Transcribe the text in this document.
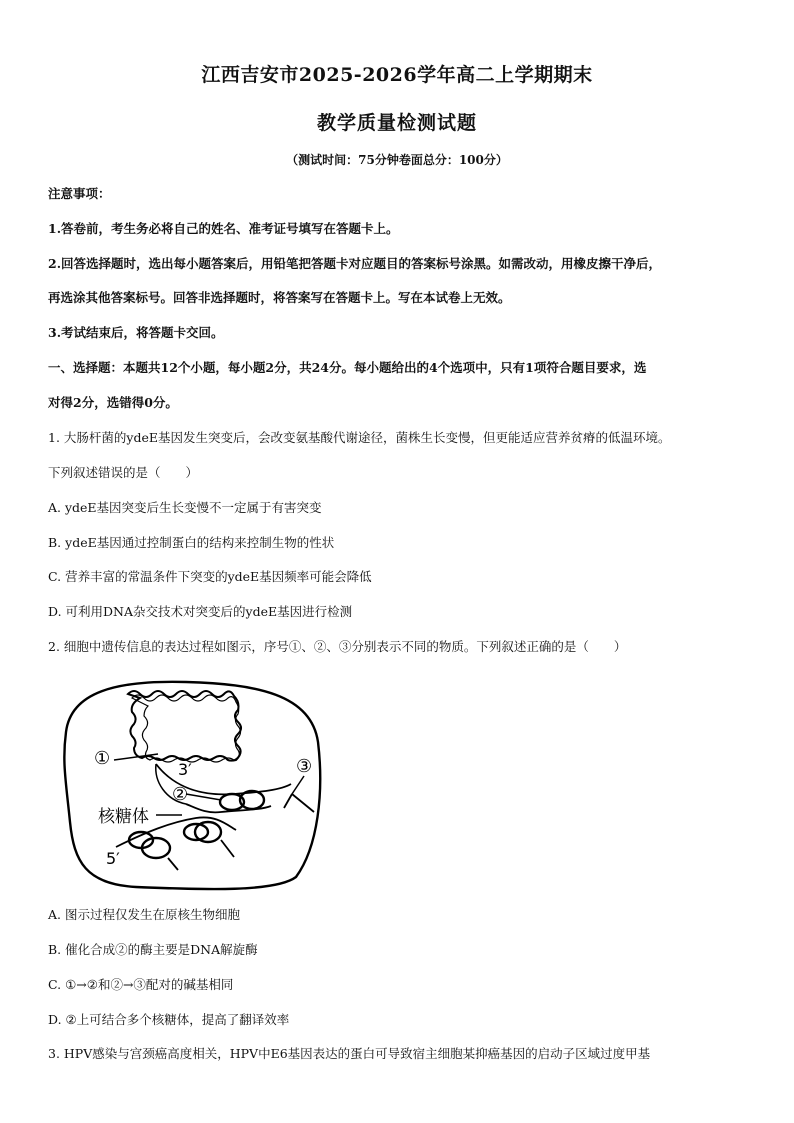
江西吉安市2025-2026学年高二上学期期末
教学质量检测试题
（测试时间：75分钟卷面总分：100分）
注意事项：
1.答卷前，考生务必将自己的姓名、准考证号填写在答题卡上。
2.回答选择题时，选出每小题答案后，用铅笔把答题卡对应题目的答案标号涂黑。如需改动，用橡皮擦干净后，
再选涂其他答案标号。回答非选择题时，将答案写在答题卡上。写在本试卷上无效。
3.考试结束后，将答题卡交回。
一、选择题：本题共12个小题，每小题2分，共24分。每小题给出的4个选项中，只有1项符合题目要求，选
对得2分，选错得0分。
1. 大肠杆菌的ydeE基因发生突变后，会改变氨基酸代谢途径，菌株生长变慢，但更能适应营养贫瘠的低温环境。
下列叙述错误的是（　　）
A. ydeE基因突变后生长变慢不一定属于有害突变
B. ydeE基因通过控制蛋白的结构来控制生物的性状
C. 营养丰富的常温条件下突变的ydeE基因频率可能会降低
D. 可利用DNA杂交技术对突变后的ydeE基因进行检测
2. 细胞中遗传信息的表达过程如图示，序号①、②、③分别表示不同的物质。下列叙述正确的是（　　）
①
3′	③
②
核糖体
5′
A. 图示过程仅发生在原核生物细胞
B. 催化合成②的酶主要是DNA解旋酶
C. ①→②和②→③配对的碱基相同
D. ②上可结合多个核糖体，提高了翻译效率
3. HPV感染与宫颈癌高度相关，HPV中E6基因表达的蛋白可导致宿主细胞某抑癌基因的启动子区域过度甲基
